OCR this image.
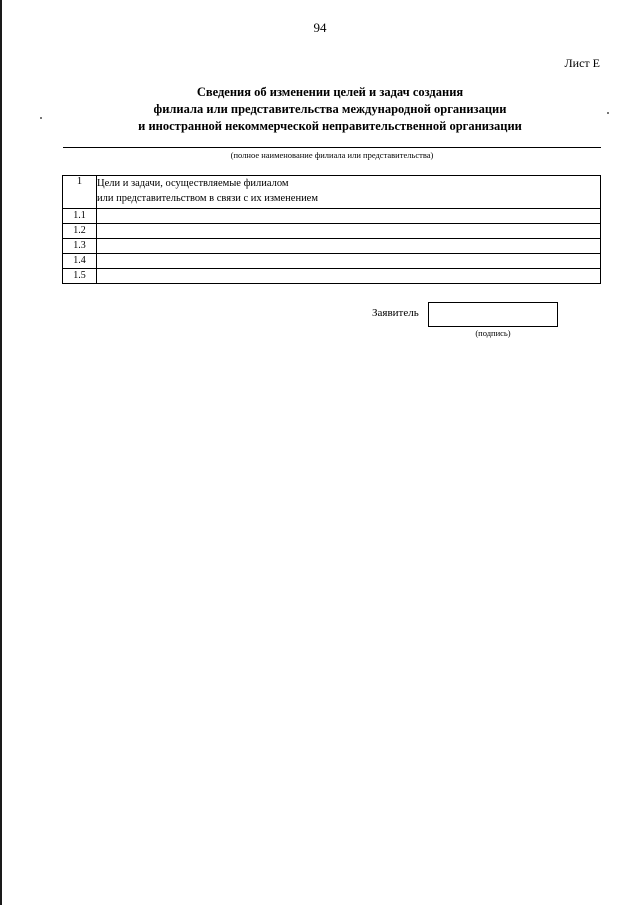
94
Лист Е
Сведения об изменении целей и задач создания
филиала или представительства международной организации
и иностранной некоммерческой неправительственной организации
(полное наименование филиала или представительства)
1	Цели и задачи, осуществляемые филиалом
или представительством в связи с их изменением

1.1	
1.2	
1.3	
1.4	
1.5	
Заявитель
(подпись)
